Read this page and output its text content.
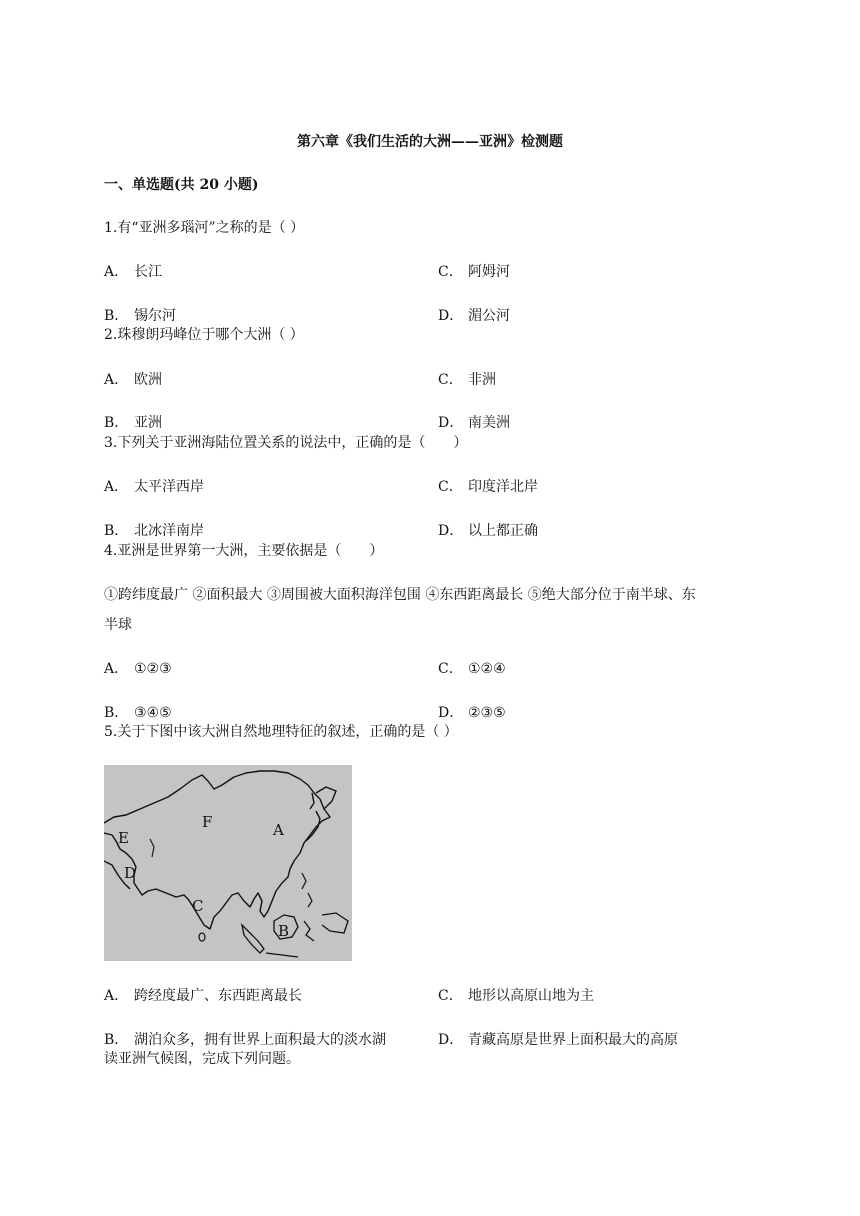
第六章《我们生活的大洲——亚洲》检测题
一、单选题(共 20 小题)
1.有“亚洲多瑙河”之称的是（ ）
A． 长江	C． 阿姆河
B． 锡尔河	D． 湄公河
2.珠穆朗玛峰位于哪个大洲（ ）
A． 欧洲	C． 非洲
B． 亚洲	D． 南美洲
3.下列关于亚洲海陆位置关系的说法中，正确的是（　　）
A． 太平洋西岸	C． 印度洋北岸
B． 北冰洋南岸	D． 以上都正确
4.亚洲是世界第一大洲，主要依据是（　　）
①跨纬度最广 ②面积最大 ③周围被大面积海洋包围 ④东西距离最长 ⑤绝大部分位于南半球、东
半球
A． ①②③	C． ①②④
B． ③④⑤	D． ②③⑤
5.关于下图中该大洲自然地理特征的叙述，正确的是（ ）
A
B
C
D
E
F
A． 跨经度最广、东西距离最长	C． 地形以高原山地为主
B． 湖泊众多，拥有世界上面积最大的淡水湖	D． 青藏高原是世界上面积最大的高原
读亚洲气候图，完成下列问题。
